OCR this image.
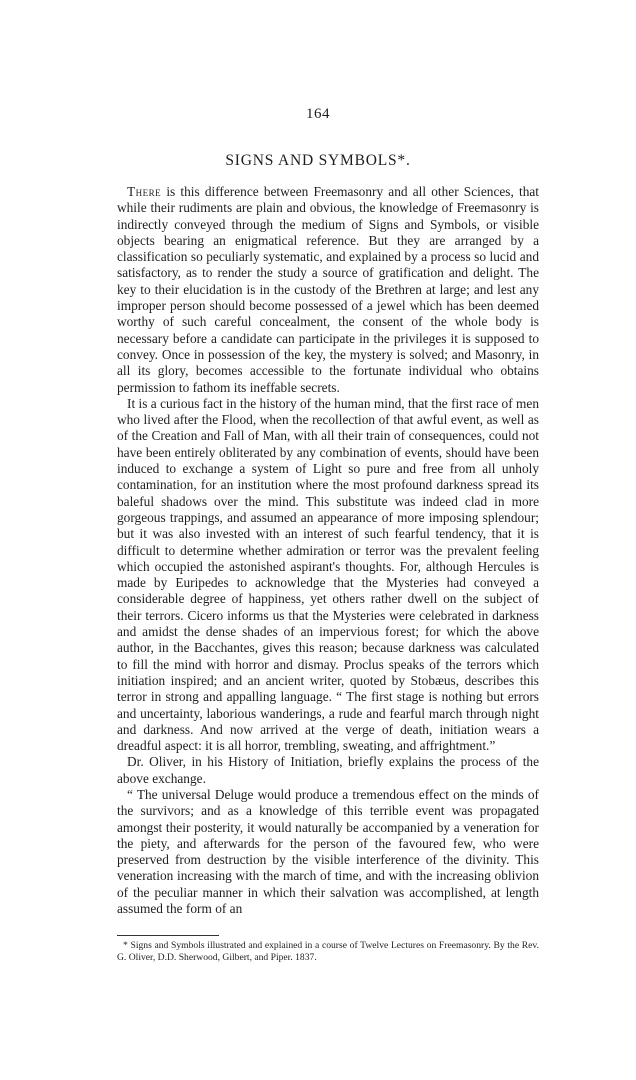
164
SIGNS AND SYMBOLS*.

There is this difference between Freemasonry and all other Sciences, that while their rudiments are plain and obvious, the knowledge of Freemasonry is indirectly conveyed through the medium of Signs and Symbols, or visible objects bearing an enigmatical reference. But they are arranged by a classification so peculiarly systematic, and explained by a process so lucid and satisfactory, as to render the study a source of gratification and delight. The key to their elucidation is in the custody of the Brethren at large; and lest any improper person should become possessed of a jewel which has been deemed worthy of such careful concealment, the consent of the whole body is necessary before a candidate can participate in the privileges it is supposed to convey. Once in possession of the key, the mystery is solved; and Masonry, in all its glory, becomes accessible to the fortunate individual who obtains permission to fathom its ineffable secrets.

It is a curious fact in the history of the human mind, that the first race of men who lived after the Flood, when the recollection of that awful event, as well as of the Creation and Fall of Man, with all their train of consequences, could not have been entirely obliterated by any combination of events, should have been induced to exchange a system of Light so pure and free from all unholy contamination, for an institution where the most profound darkness spread its baleful shadows over the mind. This substitute was indeed clad in more gorgeous trappings, and assumed an appearance of more imposing splendour; but it was also invested with an interest of such fearful tendency, that it is difficult to determine whether admiration or terror was the prevalent feeling which occupied the astonished aspirant's thoughts. For, although Hercules is made by Euripedes to acknowledge that the Mysteries had conveyed a considerable degree of happiness, yet others rather dwell on the subject of their terrors. Cicero informs us that the Mysteries were celebrated in darkness and amidst the dense shades of an impervious forest; for which the above author, in the Bacchantes, gives this reason; because darkness was calculated to fill the mind with horror and dismay. Proclus speaks of the terrors which initiation inspired; and an ancient writer, quoted by Stobæus, describes this terror in strong and appalling language. “ The first stage is nothing but errors and uncertainty, laborious wanderings, a rude and fearful march through night and darkness. And now arrived at the verge of death, initiation wears a dreadful aspect: it is all horror, trembling, sweating, and affrightment.”

Dr. Oliver, in his History of Initiation, briefly explains the process of the above exchange.

“ The universal Deluge would produce a tremendous effect on the minds of the survivors; and as a knowledge of this terrible event was propagated amongst their posterity, it would naturally be accompanied by a veneration for the piety, and afterwards for the person of the favoured few, who were preserved from destruction by the visible interference of the divinity. This veneration increasing with the march of time, and with the increasing oblivion of the peculiar manner in which their salvation was accomplished, at length assumed the form of an

* Signs and Symbols illustrated and explained in a course of Twelve Lectures on Freemasonry. By the Rev. G. Oliver, D.D. Sherwood, Gilbert, and Piper. 1837.
